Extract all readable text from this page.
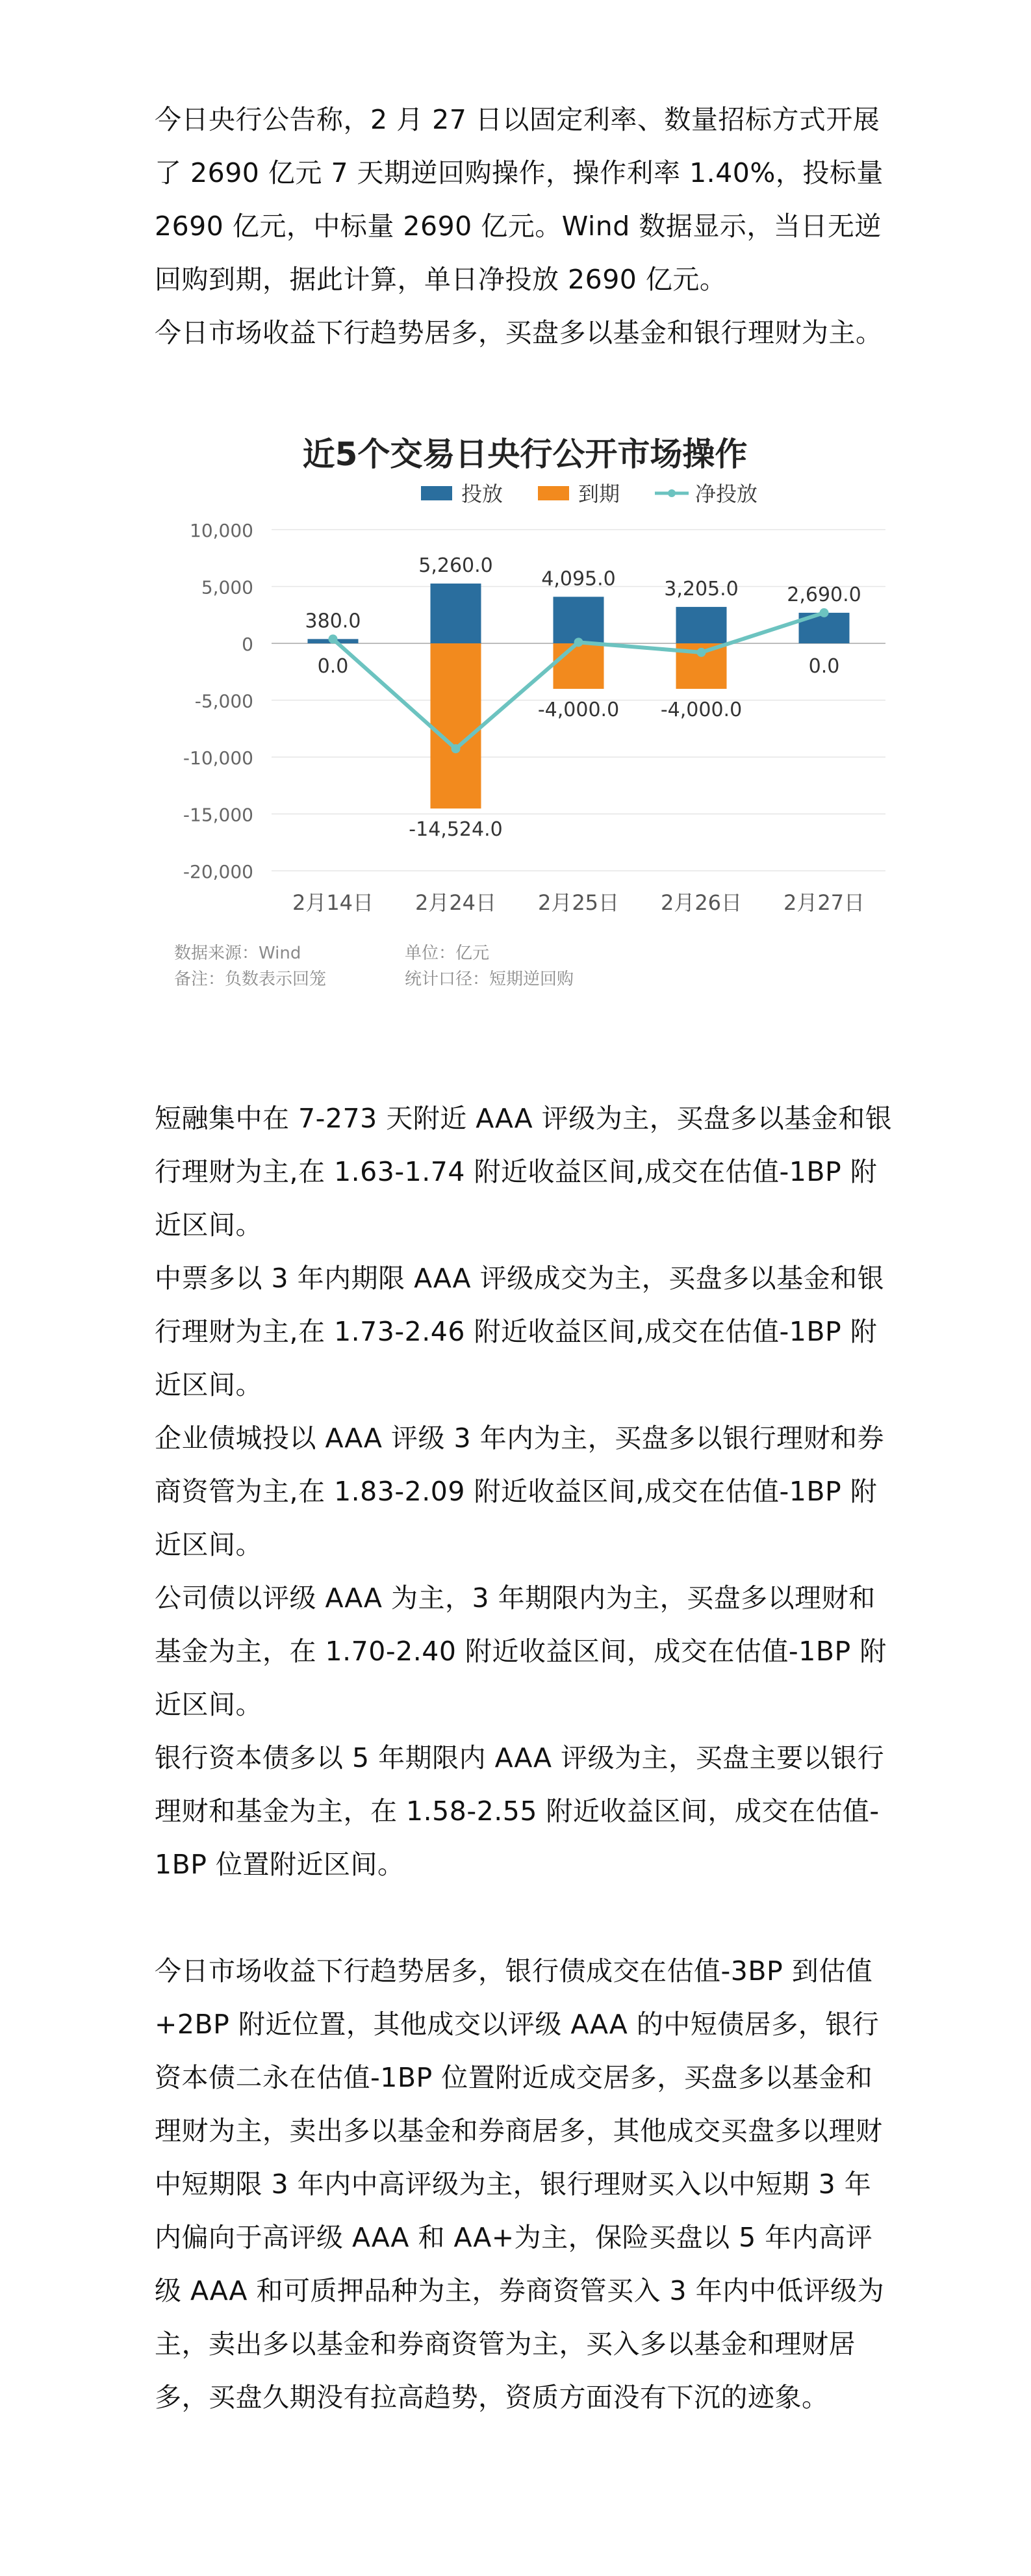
今日央行公告称，2 月 27 日以固定利率、数量招标方式开展了 2690 亿元 7 天期逆回购操作，操作利率 1.40%，投标量 2690 亿元，中标量 2690 亿元。Wind 数据显示，当日无逆回购到期，据此计算，单日净投放 2690 亿元。

今日市场收益下行趋势居多，买盘多以基金和银行理财为主。

近5个交易日央行公开市场操作
投放	到期	净投放
10,000
5,000
0
-5,000
-10,000
-15,000
-20,000
380.0
0.0
5,260.0
-14,524.0
4,095.0
-4,000.0
3,205.0
-4,000.0
2,690.0
0.0
2月14日 2月24日 2月25日 2月26日 2月27日
数据来源：Wind	单位：亿元
备注：负数表示回笼	统计口径：短期逆回购

短融集中在 7-273 天附近 AAA 评级为主，买盘多以基金和银行理财为主,在 1.63-1.74 附近收益区间,成交在估值-1BP 附近区间。

中票多以 3 年内期限 AAA 评级成交为主，买盘多以基金和银行理财为主,在 1.73-2.46 附近收益区间,成交在估值-1BP 附近区间。

企业债城投以 AAA 评级 3 年内为主，买盘多以银行理财和券商资管为主,在 1.83-2.09 附近收益区间,成交在估值-1BP 附近区间。

公司债以评级 AAA 为主，3 年期限内为主，买盘多以理财和基金为主，在 1.70-2.40 附近收益区间，成交在估值-1BP 附近区间。

银行资本债多以 5 年期限内 AAA 评级为主，买盘主要以银行理财和基金为主，在 1.58-2.55 附近收益区间，成交在估值-1BP 位置附近区间。

今日市场收益下行趋势居多，银行债成交在估值-3BP 到估值+2BP 附近位置，其他成交以评级 AAA 的中短债居多，银行资本债二永在估值-1BP 位置附近成交居多，买盘多以基金和理财为主，卖出多以基金和券商居多，其他成交买盘多以理财中短期限 3 年内中高评级为主，银行理财买入以中短期 3 年内偏向于高评级 AAA 和 AA+为主，保险买盘以 5 年内高评级 AAA 和可质押品种为主，券商资管买入 3 年内中低评级为主，卖出多以基金和券商资管为主，买入多以基金和理财居多，买盘久期没有拉高趋势，资质方面没有下沉的迹象。
